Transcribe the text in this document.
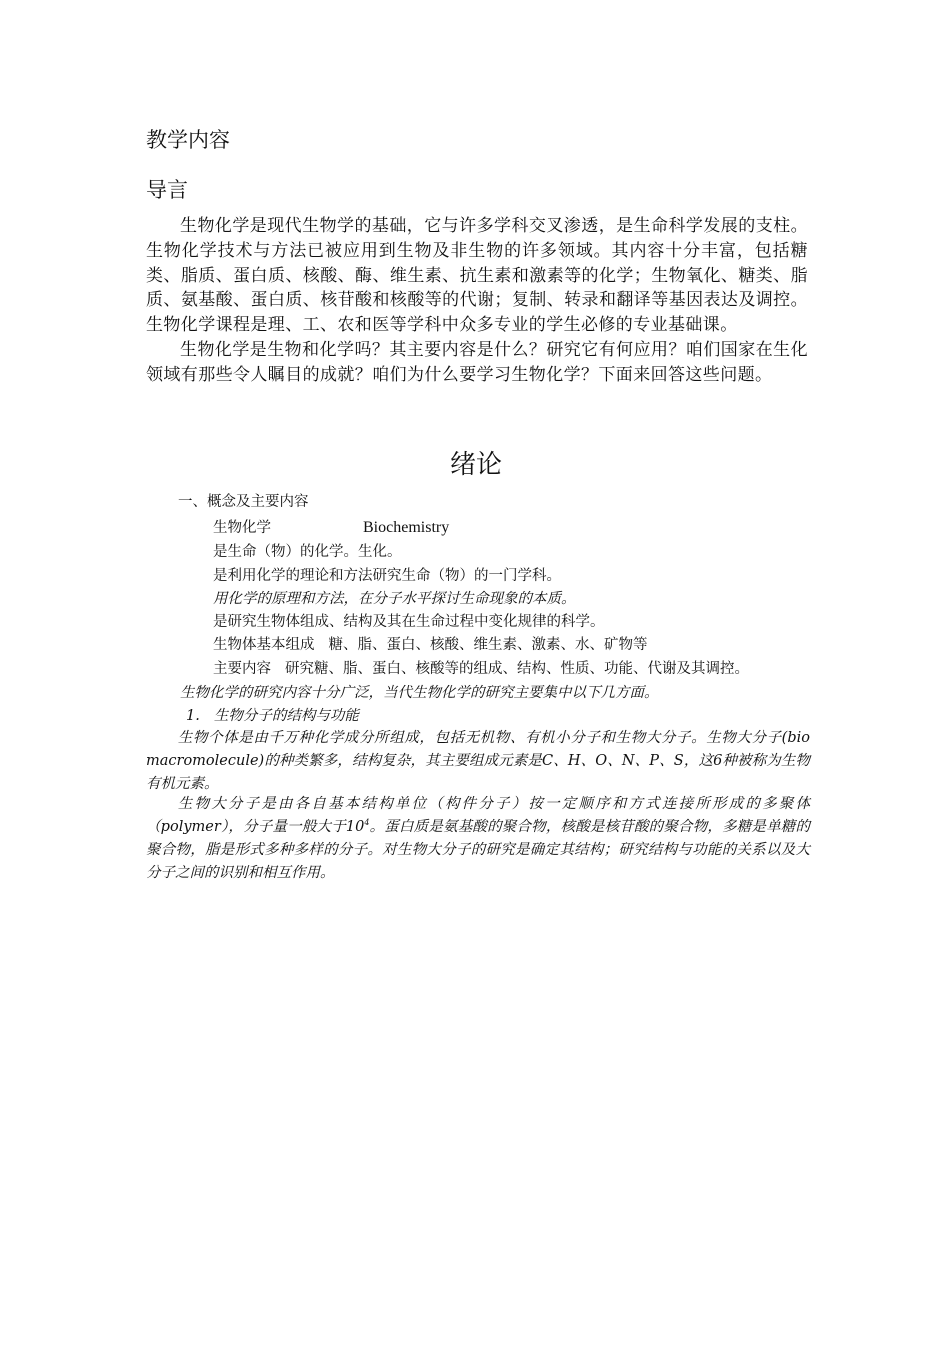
教学内容
导言

生物化学是现代生物学的基础，它与许多学科交叉渗透，是生命科学发展的支柱。生物化学技术与方法已被应用到生物及非生物的许多领域。其内容十分丰富，包括糖类、脂质、蛋白质、核酸、酶、维生素、抗生素和激素等的化学；生物氧化、糖类、脂质、氨基酸、蛋白质、核苷酸和核酸等的代谢；复制、转录和翻译等基因表达及调控。生物化学课程是理、工、农和医等学科中众多专业的学生必修的专业基础课。

生物化学是生物和化学吗？其主要内容是什么？研究它有何应用？咱们国家在生化领域有那些令人瞩目的成就？咱们为什么要学习生物化学？下面来回答这些问题。

绪论
一、概念及主要内容
生物化学	Biochemistry
是生命（物）的化学。生化。
是利用化学的理论和方法研究生命（物）的一门学科。
用化学的原理和方法，在分子水平探讨生命现象的本质。
是研究生物体组成、结构及其在生命过程中变化规律的科学。
生物体基本组成 糖、脂、蛋白、核酸、维生素、激素、水、矿物等
主要内容 研究糖、脂、蛋白、核酸等的组成、结构、性质、功能、代谢及其调控。
生物化学的研究内容十分广泛，当代生物化学的研究主要集中以下几方面。
1. 生物分子的结构与功能

生物个体是由千万种化学成分所组成，包括无机物、有机小分子和生物大分子。生物大分子(bio macromolecule)的种类繁多，结构复杂，其主要组成元素是C、H、O、N、P、S，这6种被称为生物有机元素。

生物大分子是由各自基本结构单位（构件分子）按一定顺序和方式连接所形成的多聚体（polymer），分子量一般大于$10^4$。蛋白质是氨基酸的聚合物，核酸是核苷酸的聚合物，多糖是单糖的聚合物，脂是形式多种多样的分子。对生物大分子的研究是确定其结构；研究结构与功能的关系以及大分子之间的识别和相互作用。
